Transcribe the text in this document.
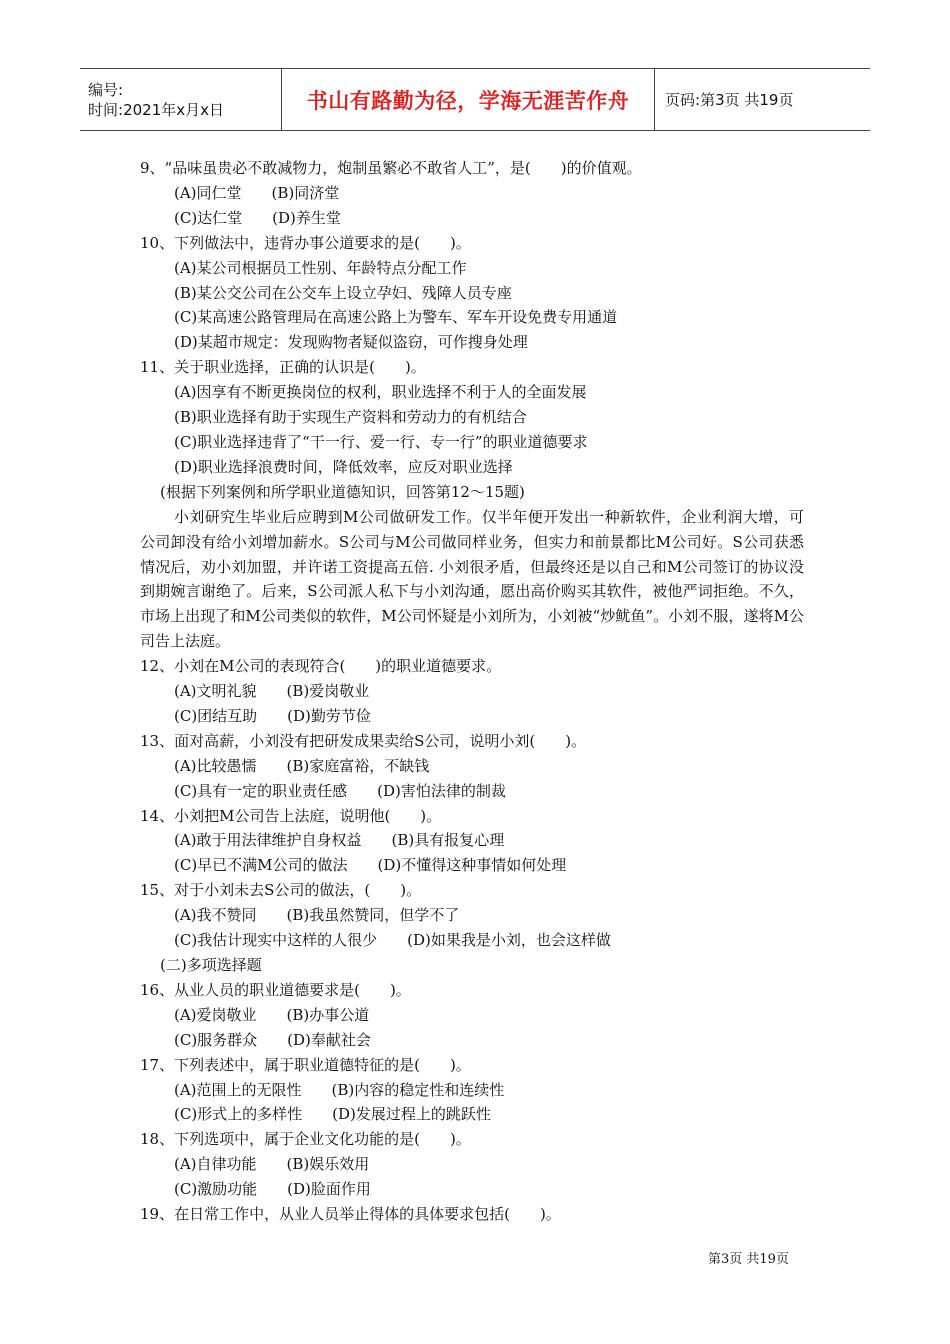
编号:
时间:2021年x月x日	书山有路勤为径，学海无涯苦作舟 页码:第3页 共19页
9、“品味虽贵必不敢减物力，炮制虽繁必不敢省人工”，是(　　)的价值观。
(A)同仁堂　　(B)同济堂
(C)达仁堂　　(D)养生堂
10、下列做法中，违背办事公道要求的是(　　)。
(A)某公司根据员工性别、年龄特点分配工作
(B)某公交公司在公交车上设立孕妇、残障人员专座
(C)某高速公路管理局在高速公路上为警车、军车开设免费专用通道
(D)某超市规定：发现购物者疑似盗窃，可作搜身处理
11、关于职业选择，正确的认识是(　　)。
(A)因享有不断更换岗位的权利，职业选择不利于人的全面发展
(B)职业选择有助于实现生产资料和劳动力的有机结合
(C)职业选择违背了“干一行、爱一行、专一行”的职业道德要求
(D)职业选择浪费时间，降低效率，应反对职业选择
(根据下列案例和所学职业道德知识，回答第12～15题)
小刘研究生毕业后应聘到M公司做研发工作。仅半年便开发出一种新软件，企业利润大增，可公司卸没有给小刘增加薪水。S公司与M公司做同样业务，但实力和前景都比M公司好。S公司获悉情况后，劝小刘加盟，并许诺工资提高五倍. 小刘很矛盾，但最终还是以自己和M公司签订的协议没到期婉言谢绝了。后来，S公司派人私下与小刘沟通，愿出高价购买其软件，被他严词拒绝。不久，市场上出现了和M公司类似的软件，M公司怀疑是小刘所为，小刘被“炒鱿鱼”。小刘不服，遂将M公司告上法庭。
12、小刘在M公司的表现符合(　　)的职业道德要求。
(A)文明礼貌　　(B)爱岗敬业
(C)团结互助　　(D)勤劳节俭
13、面对高薪，小刘没有把研发成果卖给S公司，说明小刘(　　)。
(A)比较愚懦　　(B)家庭富裕，不缺钱
(C)具有一定的职业责任感　　(D)害怕法律的制裁
14、小刘把M公司告上法庭，说明他(　　)。
(A)敢于用法律维护自身权益　　(B)具有报复心理
(C)早已不满M公司的做法　　(D)不懂得这种事情如何处理
15、对于小刘未去S公司的做法，(　　)。
(A)我不赞同　　(B)我虽然赞同，但学不了
(C)我估计现实中这样的人很少　　(D)如果我是小刘，也会这样做
(二)多项选择题
16、从业人员的职业道德要求是(　　)。
(A)爱岗敬业　　(B)办事公道
(C)服务群众　　(D)奉献社会
17、下列表述中，属于职业道德特征的是(　　)。
(A)范围上的无限性　　(B)内容的稳定性和连续性
(C)形式上的多样性　　(D)发展过程上的跳跃性
18、下列选项中，属于企业文化功能的是(　　)。
(A)自律功能　　(B)娱乐效用
(C)激励功能　　(D)脸面作用
19、在日常工作中，从业人员举止得体的具体要求包括(　　)。
第3页 共19页
